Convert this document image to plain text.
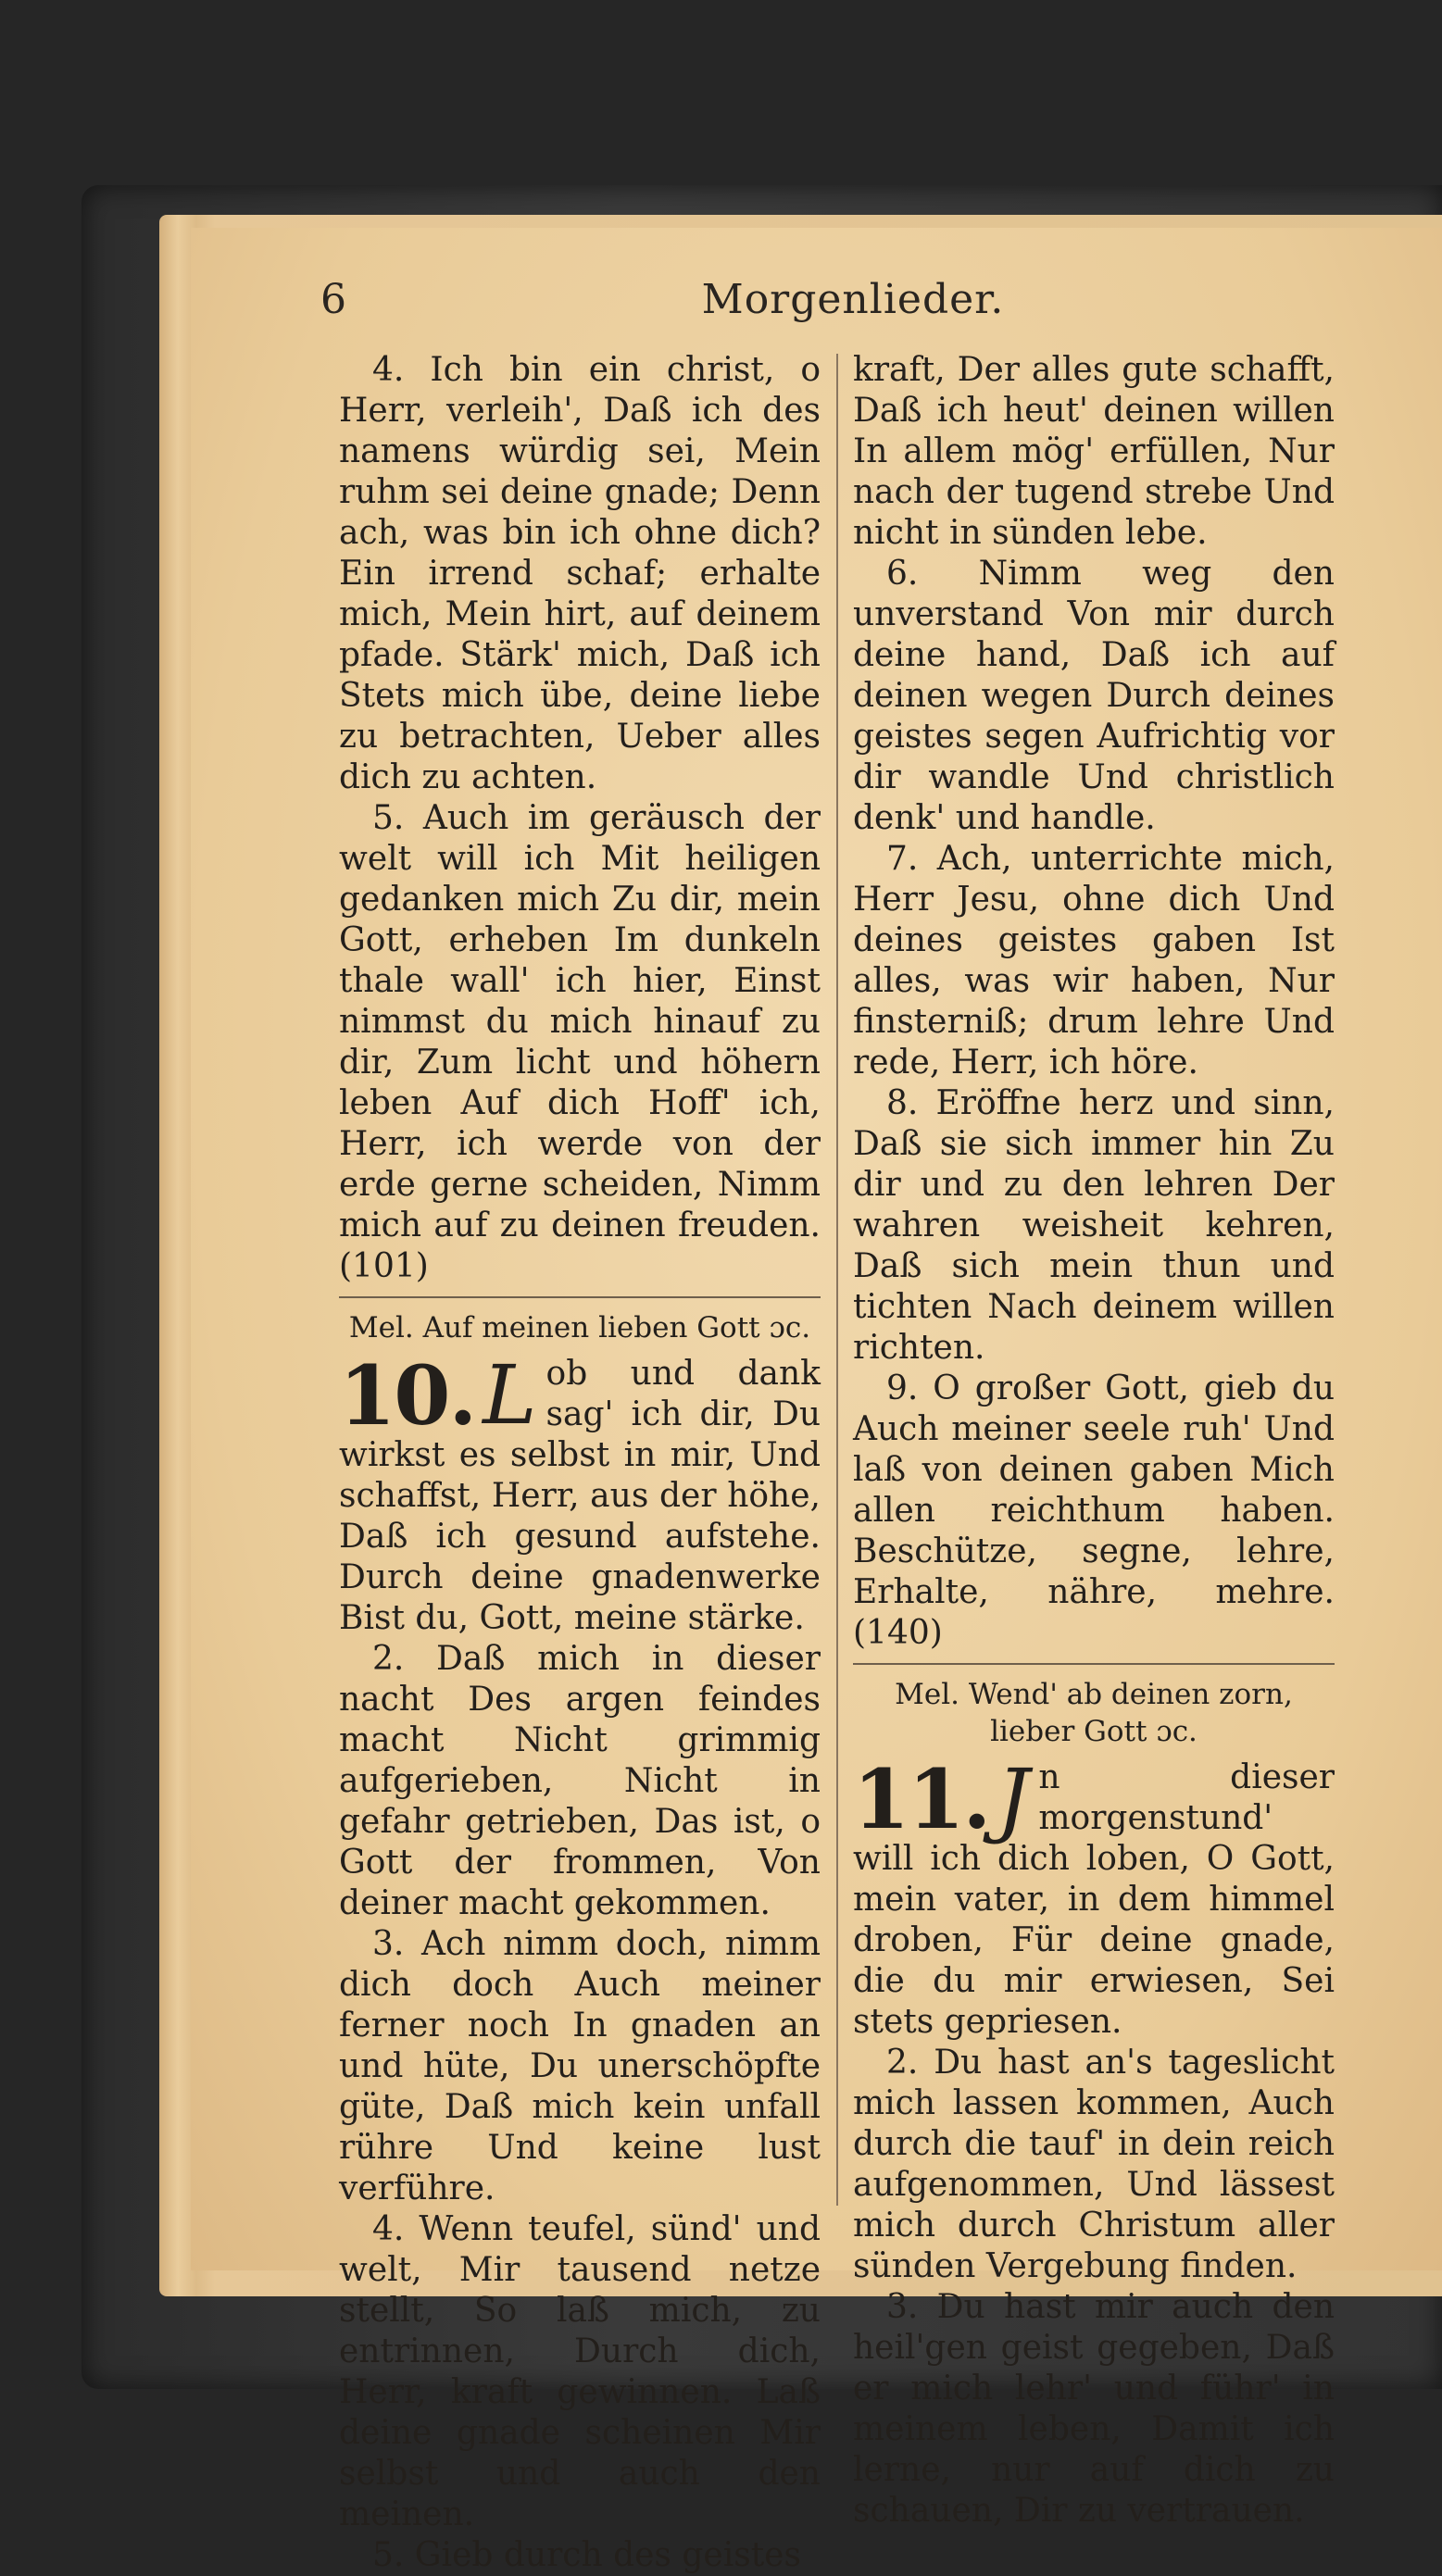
6	Morgenlieder.

4. Ich bin ein christ, o Herr, verleih', Daß ich des namens würdig sei, Mein ruhm sei deine gnade; Denn ach, was bin ich ohne dich? Ein irrend schaf; erhalte mich, Mein hirt, auf deinem pfade. Stärk' mich, Daß ich Stets mich übe, deine liebe zu betrachten, Ueber alles dich zu achten.

5. Auch im geräusch der welt will ich Mit heiligen gedanken mich Zu dir, mein Gott, erheben Im dunkeln thale wall' ich hier, Einst nimmst du mich hinauf zu dir, Zum licht und höhern leben Auf dich Hoff' ich, Herr, ich werde von der erde gerne scheiden, Nimm mich auf zu deinen freuden. (101)

Mel. Auf meinen lieben Gott ɔc.
10. L ob und dank sag' ich dir, Du wirkst es selbst in mir, Und schaffst, Herr, aus der höhe, Daß ich gesund aufstehe. Durch deine gnadenwerke Bist du, Gott, meine stärke.

2. Daß mich in dieser nacht Des argen feindes macht Nicht grimmig aufgerieben, Nicht in gefahr getrieben, Das ist, o Gott der frommen, Von deiner macht gekommen.

3. Ach nimm doch, nimm dich doch Auch meiner ferner noch In gnaden an und hüte, Du unerschöpfte güte, Daß mich kein unfall rühre Und keine lust verführe.

4. Wenn teufel, sünd' und welt, Mir tausend netze stellt, So laß mich, zu entrinnen, Durch dich, Herr, kraft gewinnen. Laß deine gnade scheinen Mir selbst und auch den meinen.

5. Gieb durch des geistes

kraft, Der alles gute schafft, Daß ich heut' deinen willen In allem mög' erfüllen, Nur nach der tugend strebe Und nicht in sünden lebe.

6. Nimm weg den unverstand Von mir durch deine hand, Daß ich auf deinen wegen Durch deines geistes segen Aufrichtig vor dir wandle Und christlich denk' und handle.

7. Ach, unterrichte mich, Herr Jesu, ohne dich Und deines geistes gaben Ist alles, was wir haben, Nur finsterniß; drum lehre Und rede, Herr, ich höre.

8. Eröffne herz und sinn, Daß sie sich immer hin Zu dir und zu den lehren Der wahren weisheit kehren, Daß sich mein thun und tichten Nach deinem willen richten.

9. O großer Gott, gieb du Auch meiner seele ruh' Und laß von deinen gaben Mich allen reichthum haben. Beschütze, segne, lehre, Erhalte, nähre, mehre. (140)

Mel. Wend' ab deinen zorn, lieber Gott ɔc.
11. J n dieser morgenstund' will ich dich loben, O Gott, mein vater, in dem himmel droben, Für deine gnade, die du mir erwiesen, Sei stets gepriesen.

2. Du hast an's tageslicht mich lassen kommen, Auch durch die tauf' in dein reich aufgenommen, Und lässest mich durch Christum aller sünden Vergebung finden.

3. Du hast mir auch den heil'gen geist gegeben, Daß er mich lehr' und führ' in meinem leben, Damit ich lerne, nur auf dich zu schauen, Dir zu vertrauen.
